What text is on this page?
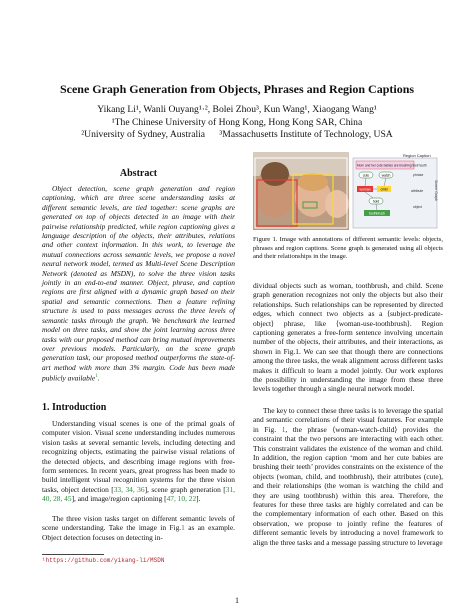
Scene Graph Generation from Objects, Phrases and Region Captions
Yikang Li¹, Wanli Ouyang¹·², Bolei Zhou³, Kun Wang¹, Xiaogang Wang¹
¹The Chinese University of Hong Kong, Hong Kong SAR, China
²University of Sydney, Australia      ³Massachusetts Institute of Technology, USA
Abstract
Object detection, scene graph generation and region captioning, which are three scene understanding tasks at different semantic levels, are tied together: scene graphs are generated on top of objects detected in an image with their pairwise relationship predicted, while region captioning gives a language description of the objects, their attributes, relations and other context information. In this work, to leverage the mutual connections across semantic levels, we propose a novel neural network model, termed as Multi-level Scene Description Network (denoted as MSDN), to solve the three vision tasks jointly in an end-to-end manner. Object, phrase, and caption regions are first aligned with a dynamic graph based on their spatial and semantic connections. Then a feature refining structure is used to pass messages across the three levels of semantic tasks through the graph. We benchmark the learned model on three tasks, and show the joint learning across three tasks with our proposed method can bring mutual improvements over previous models. Particularly, on the scene graph generation task, our proposed method outperforms the state-of-art method with more than 3% margin. Code has been made publicly available$^1$.
1. Introduction
Understanding visual scenes is one of the primal goals of computer vision. Visual scene understanding includes numerous vision tasks at several semantic levels, including detecting and recognizing objects, estimating the pairwise visual relations of the detected objects, and describing image regions with free-form sentences. In recent years, great progress has been made to build intelligent visual recognition systems for the three vision tasks, object detection [33, 34, 36], scene graph generation [31, 40, 28, 45], and image/region captioning [47, 10, 22].
The three vision tasks target on different semantic levels of scene understanding. Take the image in Fig.1 as an example. Object detection focuses on detecting in-
¹https://github.com/yikang-li/MSDN
Region Caption
Mom and her cute babies are brushing their teeth
cute	watch
woman	child
hold
toothbrush
phrase
attribute
object
Scene Graph
Figure 1. Image with annotations of different semantic levels: objects, phrases and region captions. Scene graph is generated using all objects and their relationships in the image.
dividual objects such as woman, toothbrush, and child. Scene graph generation recognizes not only the objects but also their relationships. Such relationships can be represented by directed edges, which connect two objects as a ⟨subject-predicate-object⟩ phrase, like ⟨woman-use-toothbrush⟩. Region captioning generates a free-form sentence involving uncertain number of the objects, their attributes, and their interactions, as shown in Fig.1. We can see that though there are connections among the three tasks, the weak alignment across different tasks makes it difficult to learn a model jointly. Our work explores the possibility in understanding the image from these three levels together through a single neural network model.
The key to connect these three tasks is to leverage the spatial and semantic correlations of their visual features. For example in Fig. 1, the phrase ⟨woman-watch-child⟩ provides the constraint that the two persons are interacting with each other. This constraint validates the existence of the woman and child. In addition, the region caption ‘mom and her cute babies are brushing their teeth’ provides constraints on the existence of the objects (woman, child, and toothbrush), their attributes (cute), and their relationships (the woman is watching the child and they are using toothbrush) within this area. Therefore, the features for these three tasks are highly correlated and can be the complementary information of each other. Based on this observation, we propose to jointly refine the features of different semantic levels by introducing a novel framework to align the three tasks and a message passing structure to leverage
1
